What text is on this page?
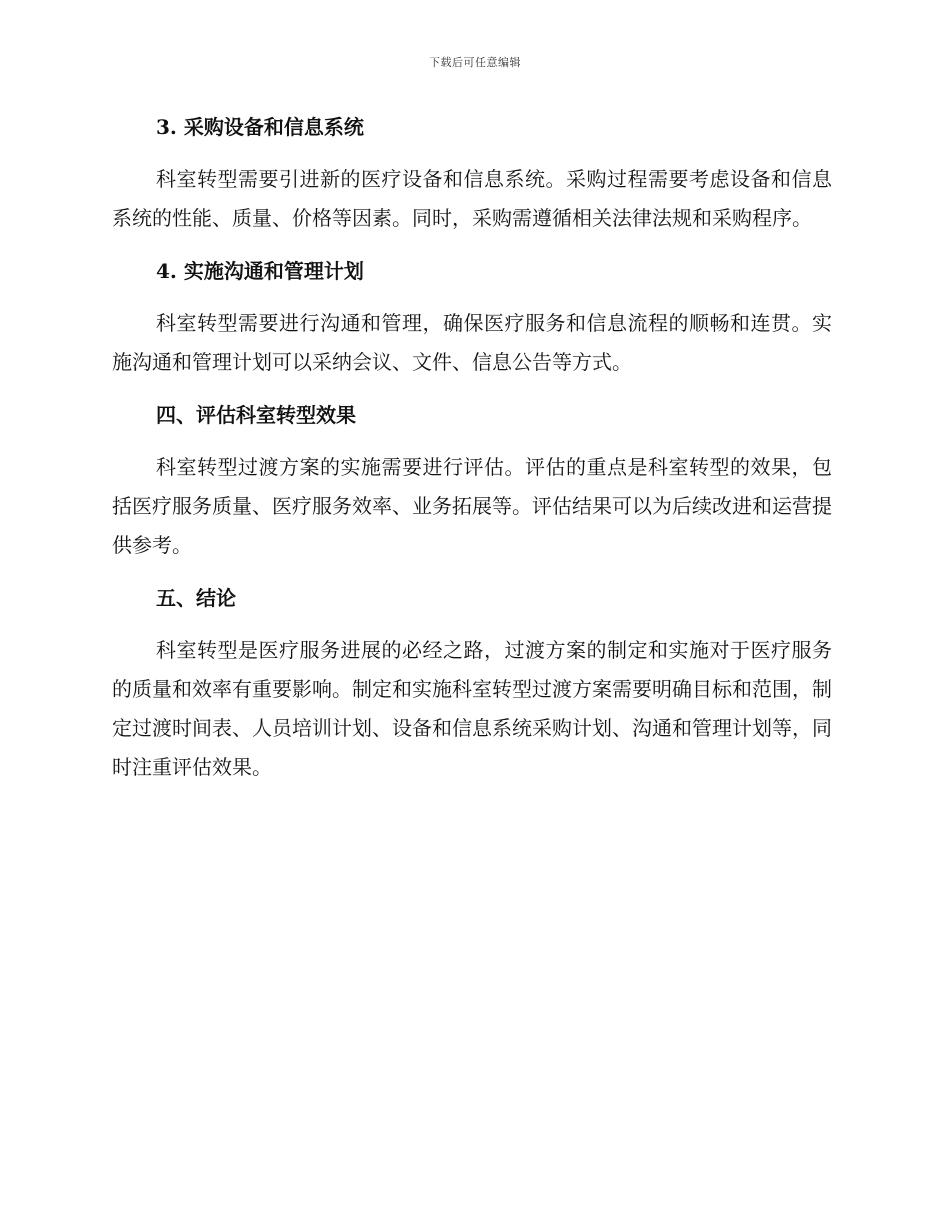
下载后可任意编辑
3. 采购设备和信息系统

科室转型需要引进新的医疗设备和信息系统。采购过程需要考虑设备和信息系统的性能、质量、价格等因素。同时，采购需遵循相关法律法规和采购程序。

4. 实施沟通和管理计划

科室转型需要进行沟通和管理，确保医疗服务和信息流程的顺畅和连贯。实施沟通和管理计划可以采纳会议、文件、信息公告等方式。

四、评估科室转型效果

科室转型过渡方案的实施需要进行评估。评估的重点是科室转型的效果，包括医疗服务质量、医疗服务效率、业务拓展等。评估结果可以为后续改进和运营提供参考。

五、结论

科室转型是医疗服务进展的必经之路，过渡方案的制定和实施对于医疗服务的质量和效率有重要影响。制定和实施科室转型过渡方案需要明确目标和范围，制定过渡时间表、人员培训计划、设备和信息系统采购计划、沟通和管理计划等，同时注重评估效果。
